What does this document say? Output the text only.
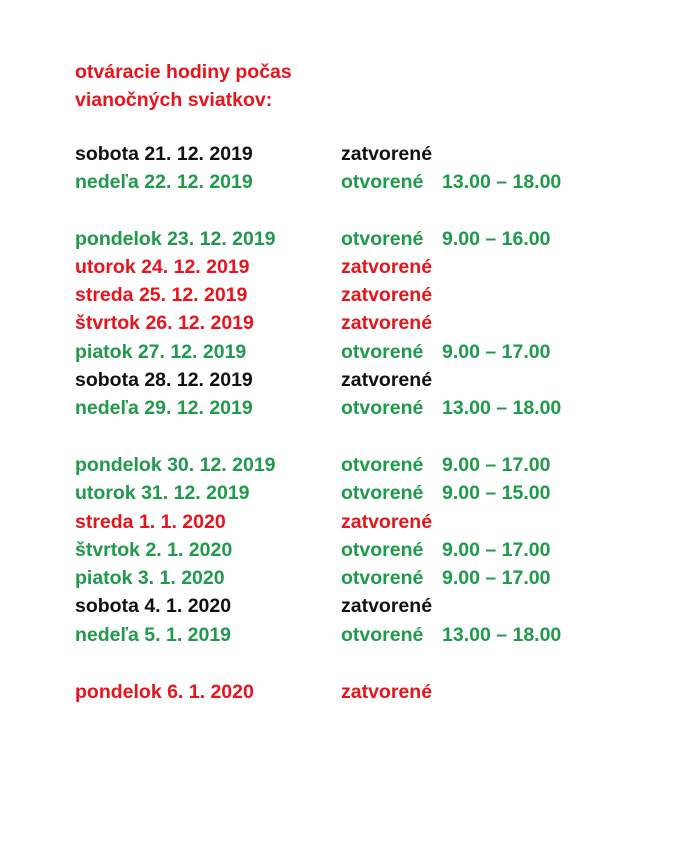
otváracie hodiny počas
vianočných sviatkov:
sobota 21. 12. 2019	zatvorené
nedeľa 22. 12. 2019	otvorené 13.00 – 18.00
pondelok 23. 12. 2019	otvorené 9.00 – 16.00
utorok 24. 12. 2019	zatvorené
streda 25. 12. 2019	zatvorené
štvrtok 26. 12. 2019	zatvorené
piatok 27. 12. 2019	otvorené 9.00 – 17.00
sobota 28. 12. 2019	zatvorené
nedeľa 29. 12. 2019	otvorené 13.00 – 18.00
pondelok 30. 12. 2019	otvorené 9.00 – 17.00
utorok 31. 12. 2019	otvorené 9.00 – 15.00
streda 1. 1. 2020	zatvorené
štvrtok 2. 1. 2020	otvorené 9.00 – 17.00
piatok 3. 1. 2020	otvorené 9.00 – 17.00
sobota 4. 1. 2020	zatvorené
nedeľa 5. 1. 2019	otvorené 13.00 – 18.00
pondelok 6. 1. 2020	zatvorené
